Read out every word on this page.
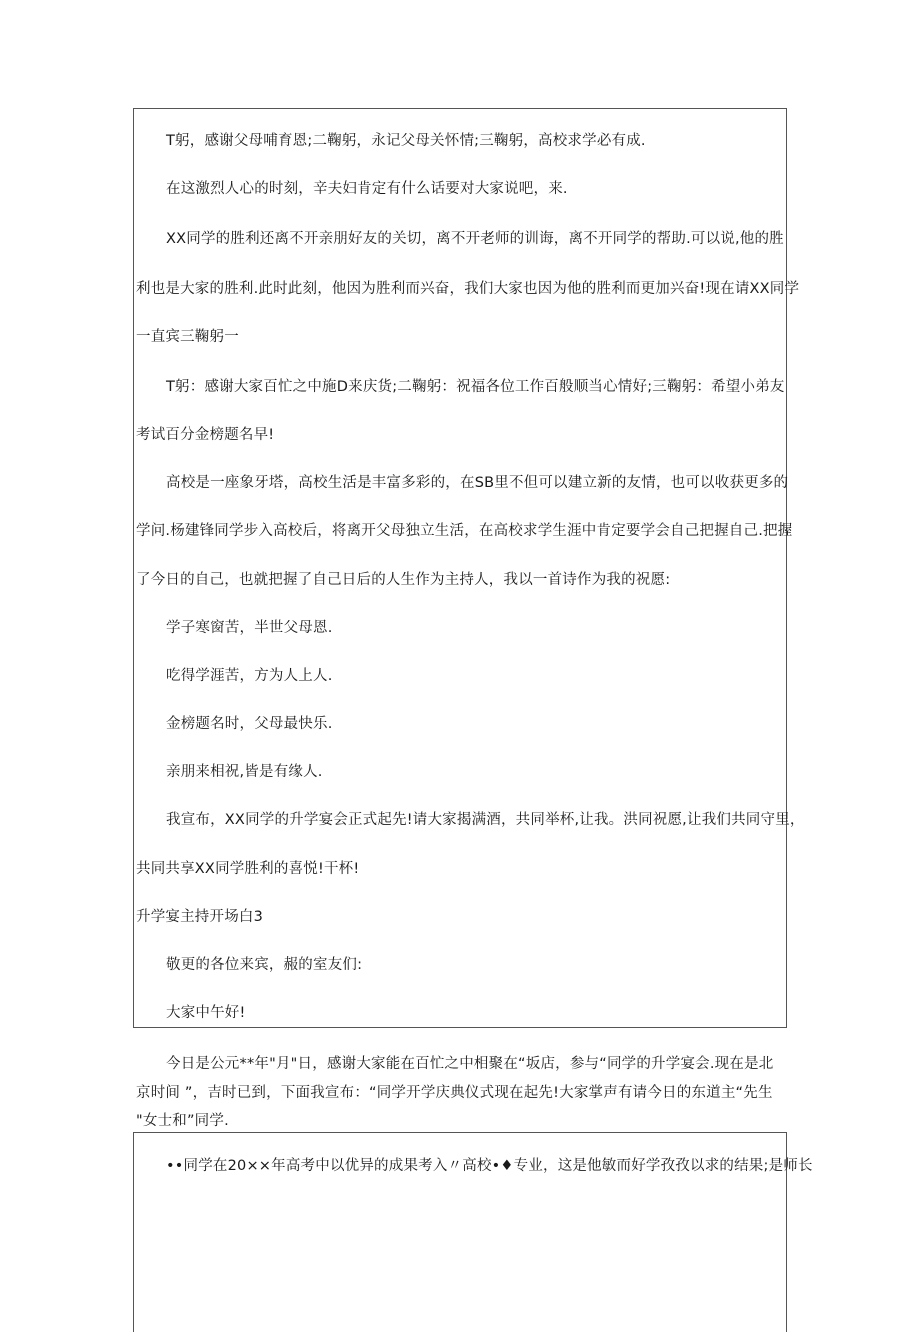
T躬，感谢父母哺育恩;二鞠躬，永记父母关怀情;三鞠躬，高校求学必有成.
在这激烈人心的时刻，辛夫妇肯定有什么话要对大家说吧，来.
XX同学的胜利还离不开亲朋好友的关切，离不开老师的训诲，离不开同学的帮助.可以说,他的胜
利也是大家的胜利.此时此刻，他因为胜利而兴奋，我们大家也因为他的胜利而更加兴奋!现在请XX同学
一直宾三鞠躬一
T躬：感谢大家百忙之中施D来庆货;二鞠躬：祝福各位工作百般顺当心情好;三鞠躬：希望小弟友
考试百分金榜题名早!
高校是一座象牙塔，高校生活是丰富多彩的，在SB里不但可以建立新的友情，也可以收获更多的
学问.杨建锋同学步入高校后，将离开父母独立生活，在高校求学生涯中肯定要学会自己把握自己.把握
了今日的自己，也就把握了自己日后的人生作为主持人，我以一首诗作为我的祝愿:
学子寒窗苦，半世父母恩.
吃得学涯苦，方为人上人.
金榜题名时，父母最快乐.
亲朋来相祝,皆是有缘人.
我宣布，XX同学的升学宴会正式起先!请大家揭满酒，共同举杯,让我。洪同祝愿,让我们共同守里，
共同共享XX同学胜利的喜悦!干杯!
升学宴主持开场白3
敬更的各位来宾，赧的室友们:
大家中午好!
今日是公元**年"月"日，感谢大家能在百忙之中相聚在“坂店，参与“同学的升学宴会.现在是北
京时间 ”，吉时已到，下面我宣布：“同学开学庆典仪式现在起先!大家掌声有请今日的东道主“先生
"女士和”同学.
••同学在20××年高考中以优异的成果考入〃高校•♦专业，这是他敏而好学孜孜以求的结果;是师长
